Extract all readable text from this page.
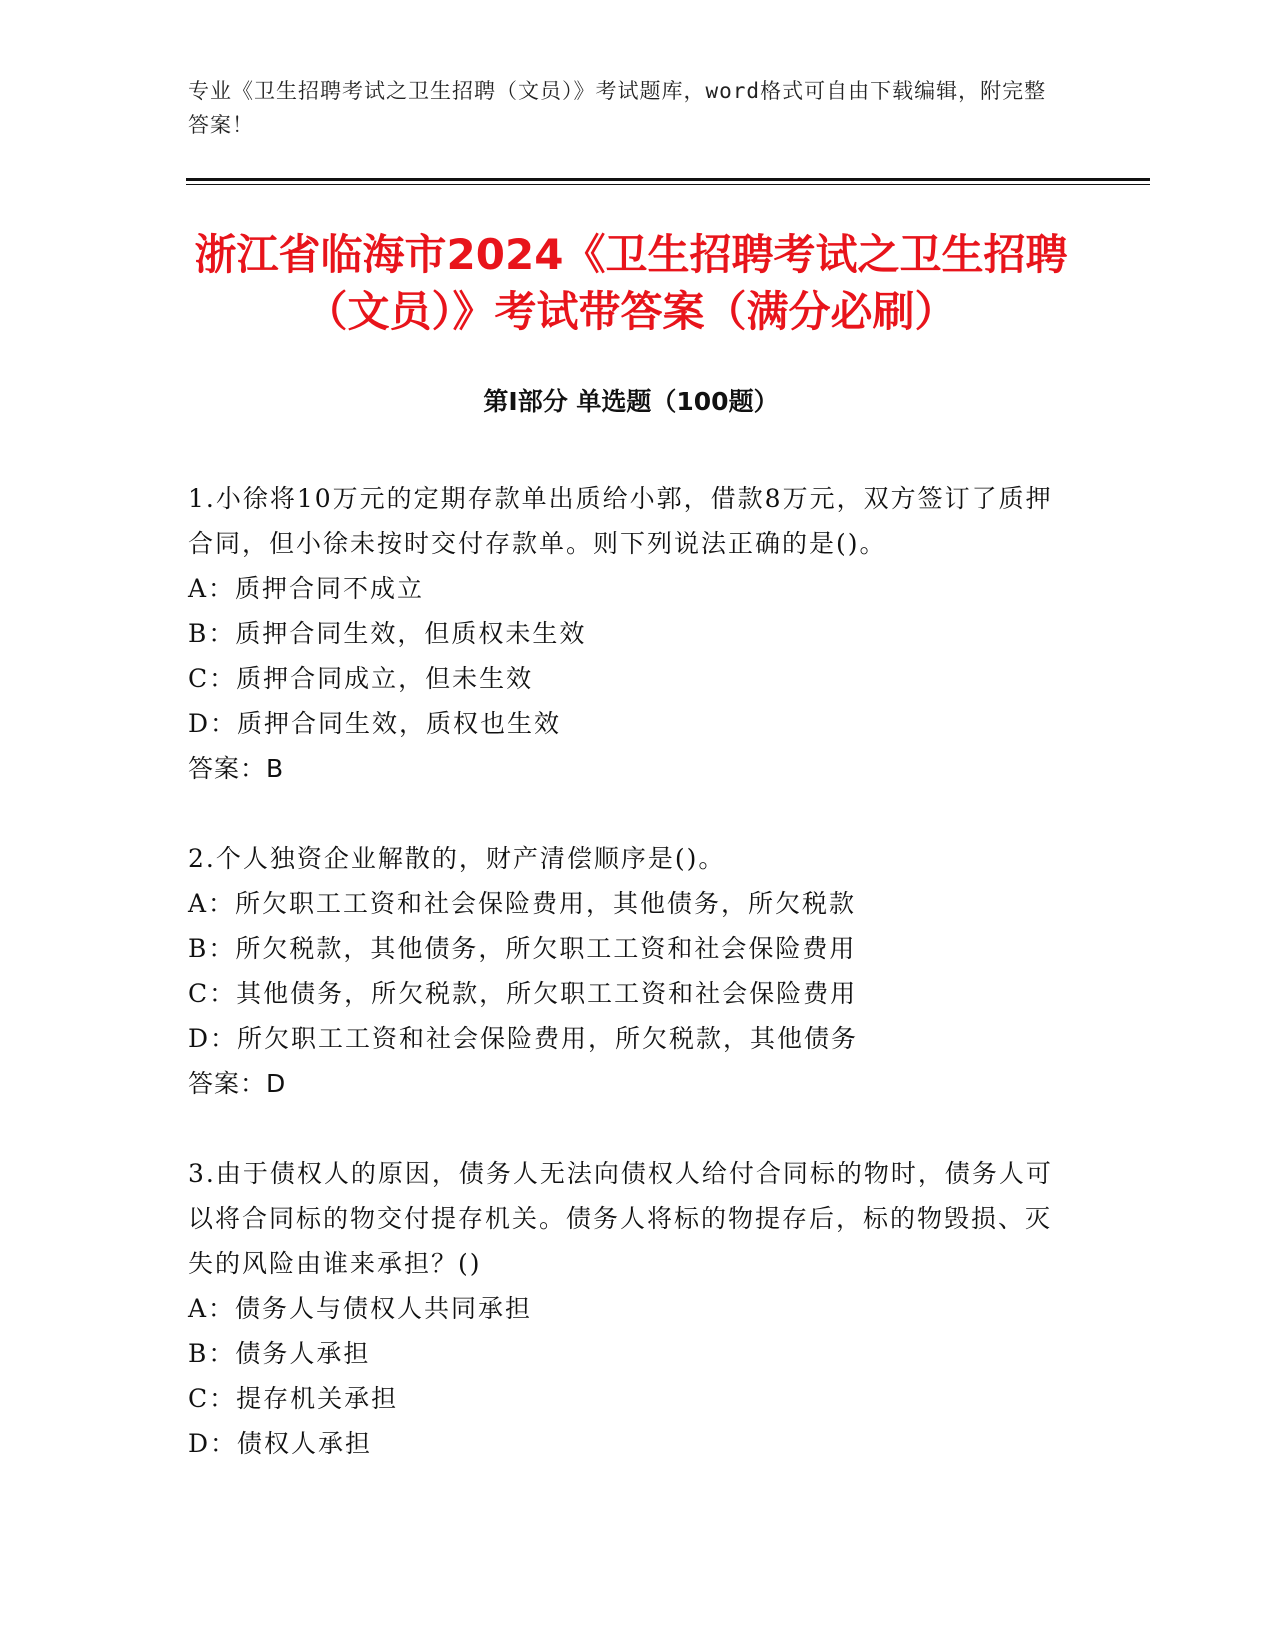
专业《卫生招聘考试之卫生招聘（文员）》考试题库，word格式可自由下载编辑，附完整答案！
浙江省临海市2024《卫生招聘考试之卫生招聘（文员）》考试带答案（满分必刷）
第Ⅰ部分 单选题（100题）
1.小徐将10万元的定期存款单出质给小郭，借款8万元，双方签订了质押合同，但小徐未按时交付存款单。则下列说法正确的是()。
A：质押合同不成立
B：质押合同生效，但质权未生效
C：质押合同成立，但未生效
D：质押合同生效，质权也生效
答案：B
2.个人独资企业解散的，财产清偿顺序是()。
A：所欠职工工资和社会保险费用，其他债务，所欠税款
B：所欠税款，其他债务，所欠职工工资和社会保险费用
C：其他债务，所欠税款，所欠职工工资和社会保险费用
D：所欠职工工资和社会保险费用，所欠税款，其他债务
答案：D
3.由于债权人的原因，债务人无法向债权人给付合同标的物时，债务人可以将合同标的物交付提存机关。债务人将标的物提存后，标的物毁损、灭失的风险由谁来承担？()
A：债务人与债权人共同承担
B：债务人承担
C：提存机关承担
D：债权人承担
